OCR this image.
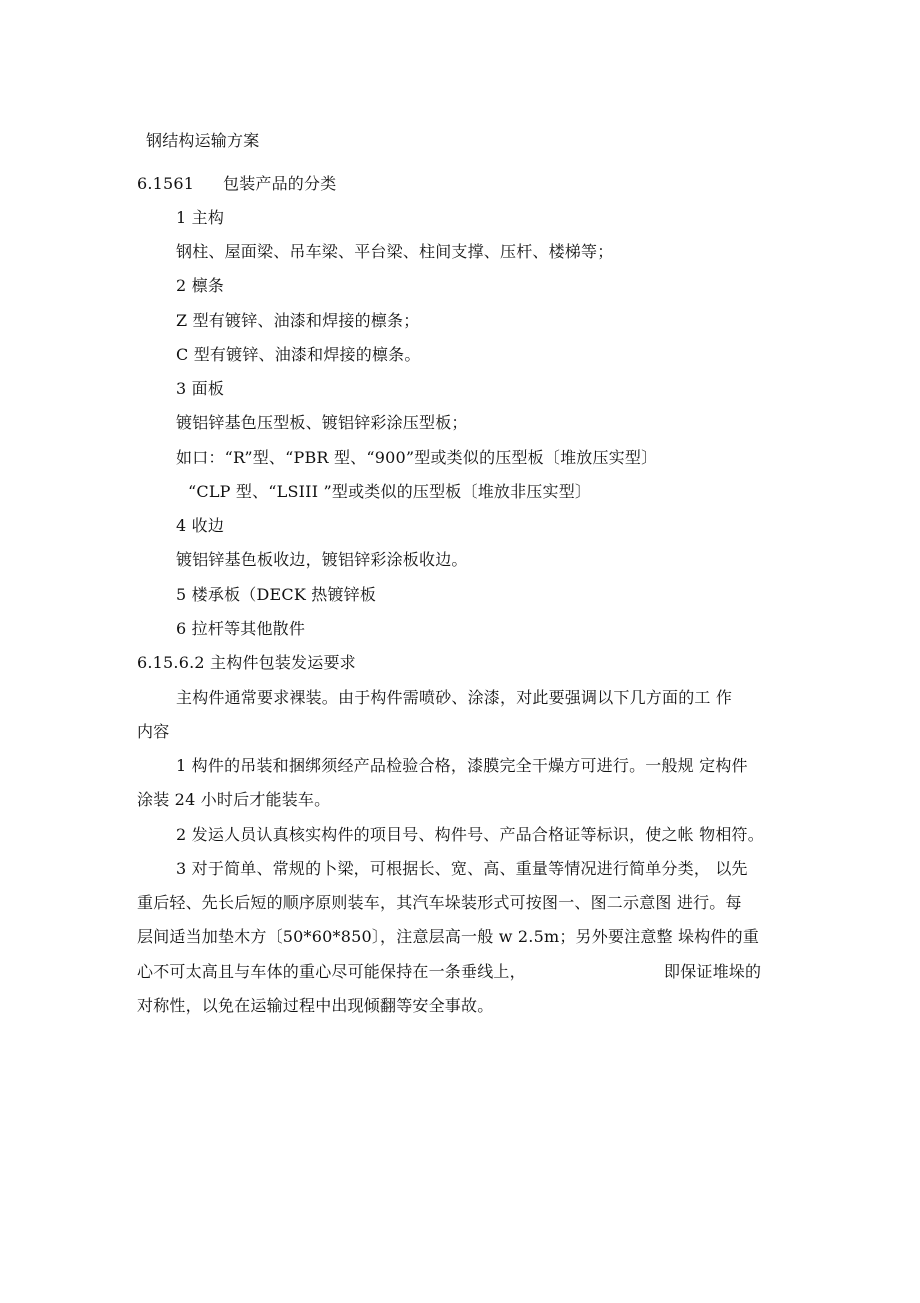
钢结构运输方案
6.1561 包装产品的分类
1 主构
钢柱、屋面梁、吊车梁、平台梁、柱间支撑、压杆、楼梯等；
2 檩条
Z 型有镀锌、油漆和焊接的檩条；
C 型有镀锌、油漆和焊接的檩条。
3 面板
镀铝锌基色压型板、镀铝锌彩涂压型板；
如口：“R”型、“PBR 型、“900”型或类似的压型板〔堆放压实型〕
“CLP 型、“LSIII ”型或类似的压型板〔堆放非压实型〕
4 收边
镀铝锌基色板收边，镀铝锌彩涂板收边。
5 楼承板（DECK 热镀锌板
6 拉杆等其他散件
6.15.6.2 主构件包装发运要求
主构件通常要求裸装。由于构件需喷砂、涂漆，对此要强调以下几方面的工 作
内容
1 构件的吊装和捆绑须经产品检验合格，漆膜完全干燥方可进行。一般规 定构件
涂装 24 小时后才能装车。
2 发运人员认真核实构件的项目号、构件号、产品合格证等标识，使之帐 物相符。
3 对于简单、常规的卜梁，可根据长、宽、高、重量等情况进行简单分类， 以先
重后轻、先长后短的顺序原则装车，其汽车垛装形式可按图一、图二示意图 进行。每
层间适当加垫木方〔50*60*850〕，注意层高一般 w 2.5m；另外要注意整 垛构件的重
心不可太高且与车体的重心尽可能保持在一条垂线上，	即保证堆垛的
对称性，以免在运输过程中出现倾翻等安全事故。
